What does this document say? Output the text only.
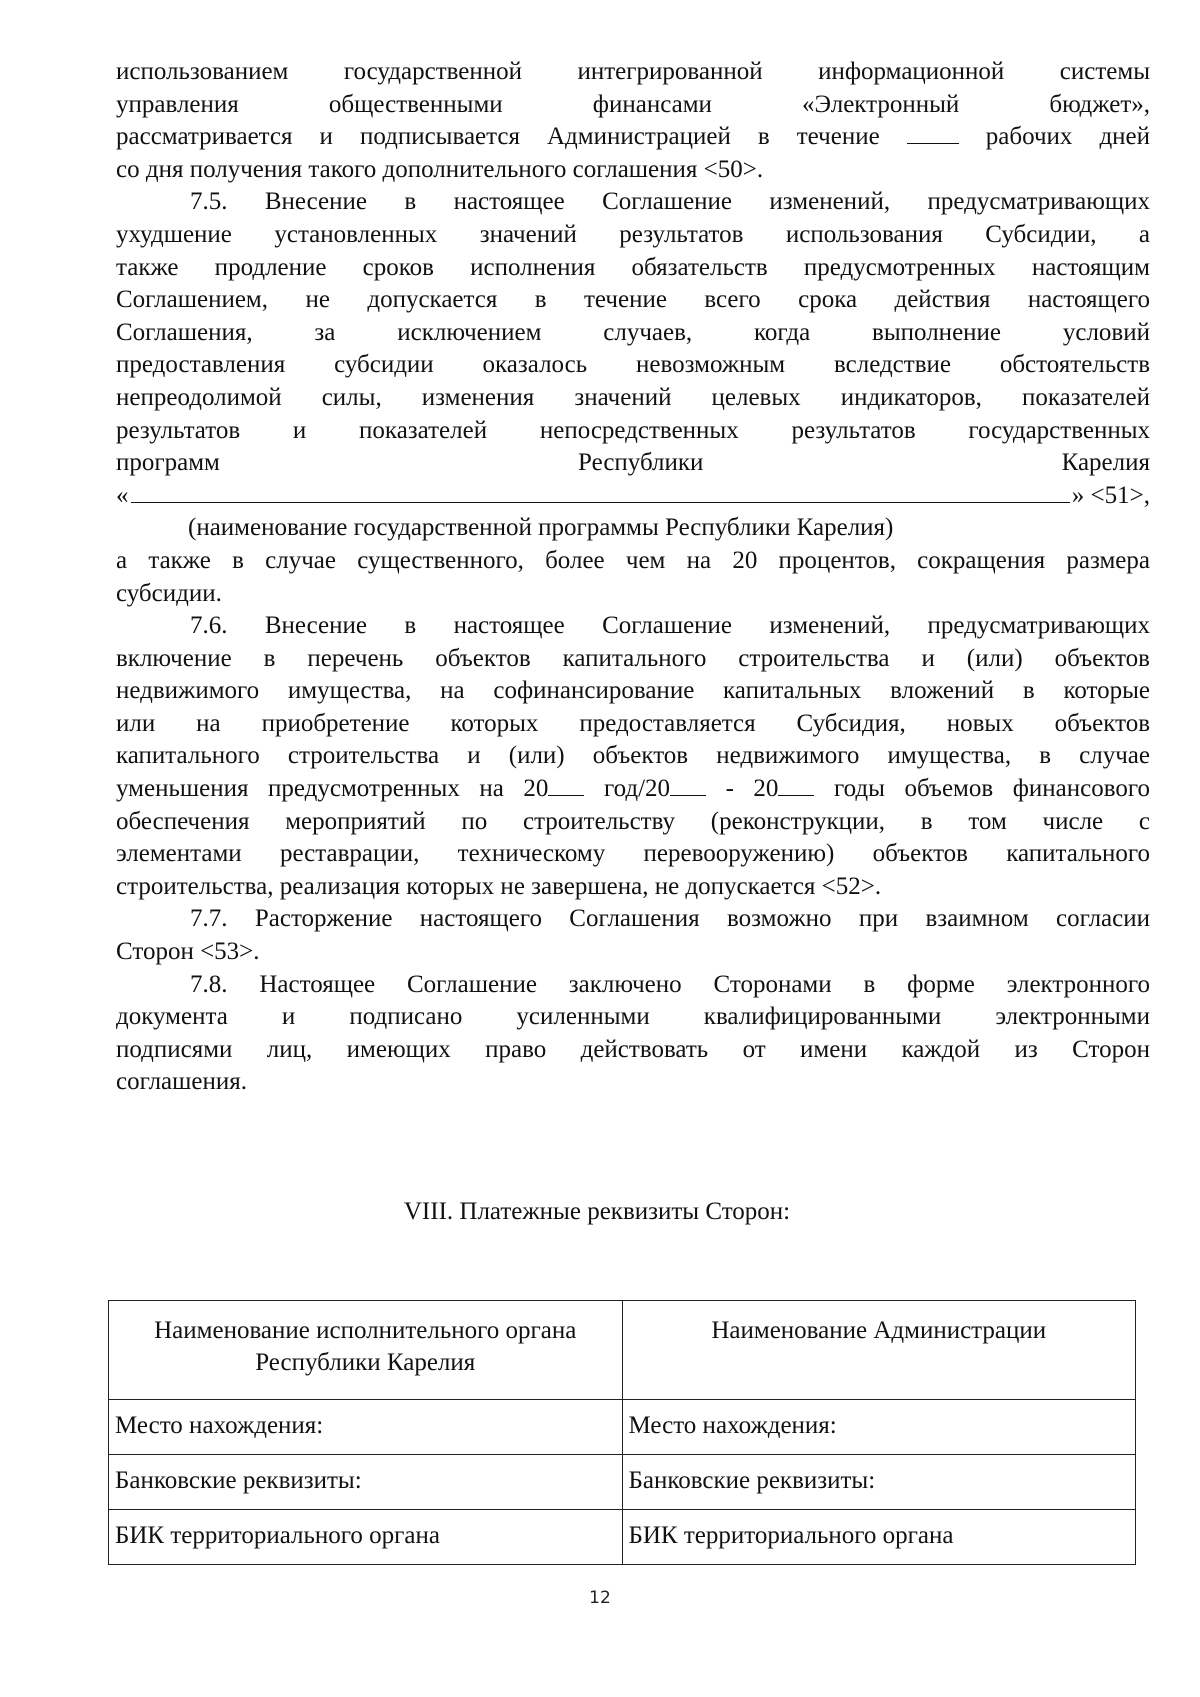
использованием государственной интегрированной информационной системы

управления общественными финансами «Электронный бюджет»,

рассматривается и подписывается Администрацией в течение	рабочих дней

со дня получения такого дополнительного соглашения <50>.

7.5. Внесение в настоящее Соглашение изменений, предусматривающих

ухудшение установленных значений результатов использования Субсидии, а

также продление сроков исполнения обязательств предусмотренных настоящим

Соглашением, не допускается в течение всего срока действия настоящего

Соглашения, за исключением случаев, когда выполнение условий

предоставления субсидии оказалось невозможным вследствие обстоятельств

непреодолимой силы, изменения значений целевых индикаторов, показателей

результатов и показателей непосредственных результатов государственных

программ Республики Карелия

«	» <51>,

(наименование государственной программы Республики Карелия)

а также в случае существенного, более чем на 20 процентов, сокращения размера

субсидии.

7.6. Внесение в настоящее Соглашение изменений, предусматривающих

включение в перечень объектов капитального строительства и (или) объектов

недвижимого имущества, на софинансирование капитальных вложений в которые

или на приобретение которых предоставляется Субсидия, новых объектов

капитального строительства и (или) объектов недвижимого имущества, в случае

уменьшения предусмотренных на 20 год/20 - 20 годы объемов финансового

обеспечения мероприятий по строительству (реконструкции, в том числе с

элементами реставрации, техническому перевооружению) объектов капитального

строительства, реализация которых не завершена, не допускается <52>.

7.7. Расторжение настоящего Соглашения возможно при взаимном согласии

Сторон <53>.

7.8. Настоящее Соглашение заключено Сторонами в форме электронного

документа и подписано усиленными квалифицированными электронными

подписями лиц, имеющих право действовать от имени каждой из Сторон

соглашения.

VIII. Платежные реквизиты Сторон:

Наименование исполнительного органа Республики Карелия	Наименование Администрации
Место нахождения:	Место нахождения:
Банковские реквизиты:	Банковские реквизиты:
БИК территориального органа	БИК территориального органа
12
